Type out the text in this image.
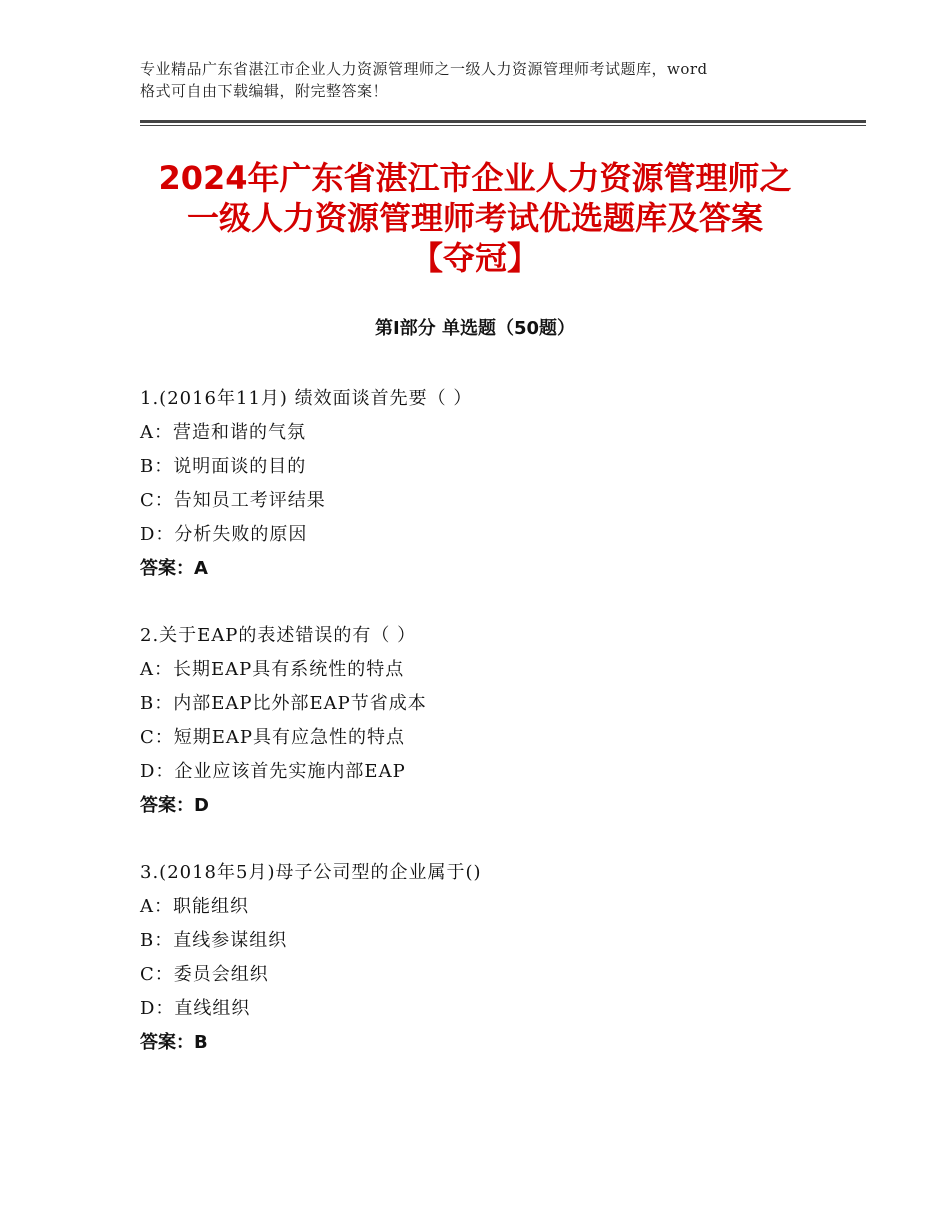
专业精品广东省湛江市企业人力资源管理师之一级人力资源管理师考试题库，word
格式可自由下载编辑，附完整答案！
2024年广东省湛江市企业人力资源管理师之
一级人力资源管理师考试优选题库及答案
【夺冠】
第Ⅰ部分 单选题（50题）
1.(2016年11月) 绩效面谈首先要（ ）
A：营造和谐的气氛
B：说明面谈的目的
C：告知员工考评结果
D：分析失败的原因
答案：A
2.关于EAP的表述错误的有（ ）
A：长期EAP具有系统性的特点
B：内部EAP比外部EAP节省成本
C：短期EAP具有应急性的特点
D：企业应该首先实施内部EAP
答案：D
3.(2018年5月)母子公司型的企业属于()
A：职能组织
B：直线参谋组织
C：委员会组织
D：直线组织
答案：B
